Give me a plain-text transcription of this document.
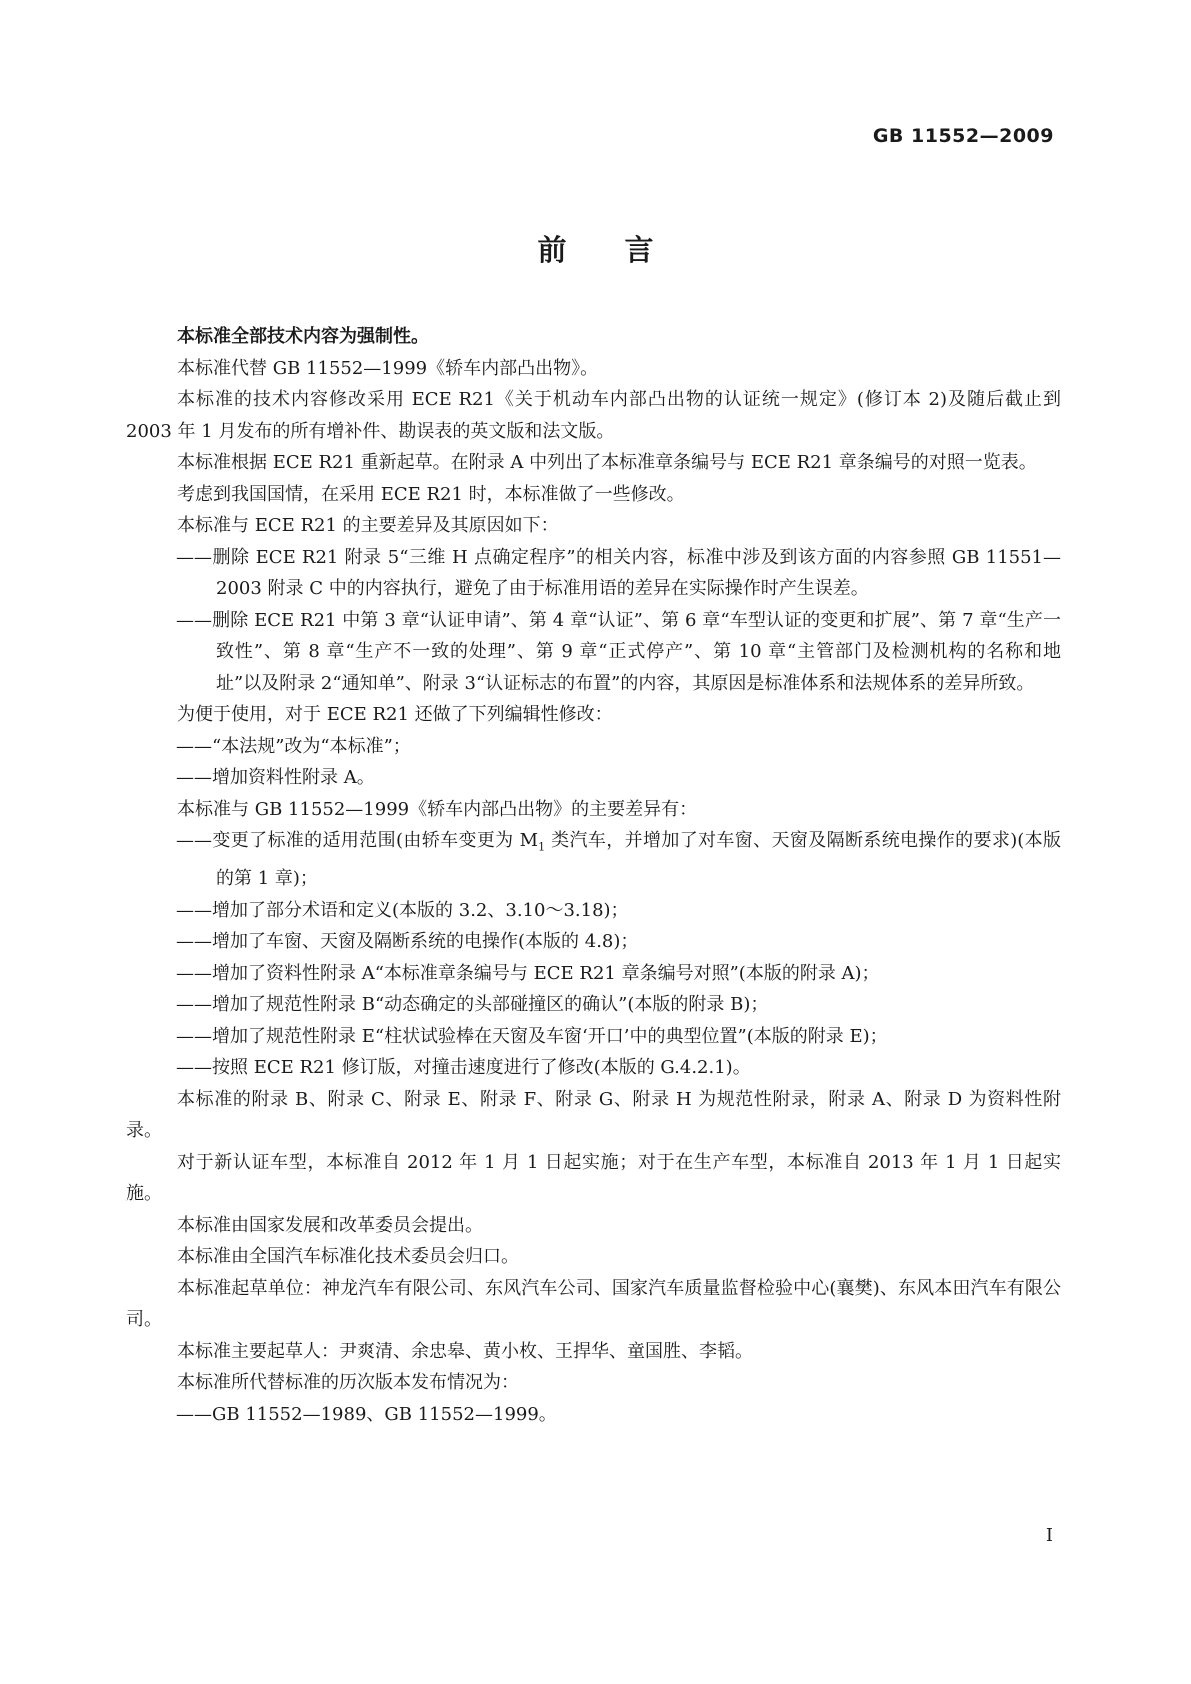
GB 11552—2009
前　　言

本标准全部技术内容为强制性。

本标准代替 GB 11552—1999《轿车内部凸出物》。

本标准的技术内容修改采用 ECE R21《关于机动车内部凸出物的认证统一规定》(修订本 2)及随后截止到 2003 年 1 月发布的所有增补件、勘误表的英文版和法文版。

本标准根据 ECE R21 重新起草。在附录 A 中列出了本标准章条编号与 ECE R21 章条编号的对照一览表。

考虑到我国国情，在采用 ECE R21 时，本标准做了一些修改。

本标准与 ECE R21 的主要差异及其原因如下：

——删除 ECE R21 附录 5“三维 H 点确定程序”的相关内容，标准中涉及到该方面的内容参照 GB 11551—2003 附录 C 中的内容执行，避免了由于标准用语的差异在实际操作时产生误差。

——删除 ECE R21 中第 3 章“认证申请”、第 4 章“认证”、第 6 章“车型认证的变更和扩展”、第 7 章“生产一致性”、第 8 章“生产不一致的处理”、第 9 章“正式停产”、第 10 章“主管部门及检测机构的名称和地址”以及附录 2“通知单”、附录 3“认证标志的布置”的内容，其原因是标准体系和法规体系的差异所致。

为便于使用，对于 ECE R21 还做了下列编辑性修改：

——“本法规”改为“本标准”；

——增加资料性附录 A。

本标准与 GB 11552—1999《轿车内部凸出物》的主要差异有：

——变更了标准的适用范围(由轿车变更为 $M_1$ 类汽车，并增加了对车窗、天窗及隔断系统电操作的要求)(本版的第 1 章)；

——增加了部分术语和定义(本版的 3.2、3.10～3.18)；

——增加了车窗、天窗及隔断系统的电操作(本版的 4.8)；

——增加了资料性附录 A“本标准章条编号与 ECE R21 章条编号对照”(本版的附录 A)；

——增加了规范性附录 B“动态确定的头部碰撞区的确认”(本版的附录 B)；

——增加了规范性附录 E“柱状试验棒在天窗及车窗‘开口’中的典型位置”(本版的附录 E)；

——按照 ECE R21 修订版，对撞击速度进行了修改(本版的 G.4.2.1)。

本标准的附录 B、附录 C、附录 E、附录 F、附录 G、附录 H 为规范性附录，附录 A、附录 D 为资料性附录。

对于新认证车型，本标准自 2012 年 1 月 1 日起实施；对于在生产车型，本标准自 2013 年 1 月 1 日起实施。

本标准由国家发展和改革委员会提出。

本标准由全国汽车标准化技术委员会归口。

本标准起草单位：神龙汽车有限公司、东风汽车公司、国家汽车质量监督检验中心(襄樊)、东风本田汽车有限公司。

本标准主要起草人：尹爽清、余忠皋、黄小枚、王捍华、童国胜、李韬。

本标准所代替标准的历次版本发布情况为：

——GB 11552—1989、GB 11552—1999。

I
